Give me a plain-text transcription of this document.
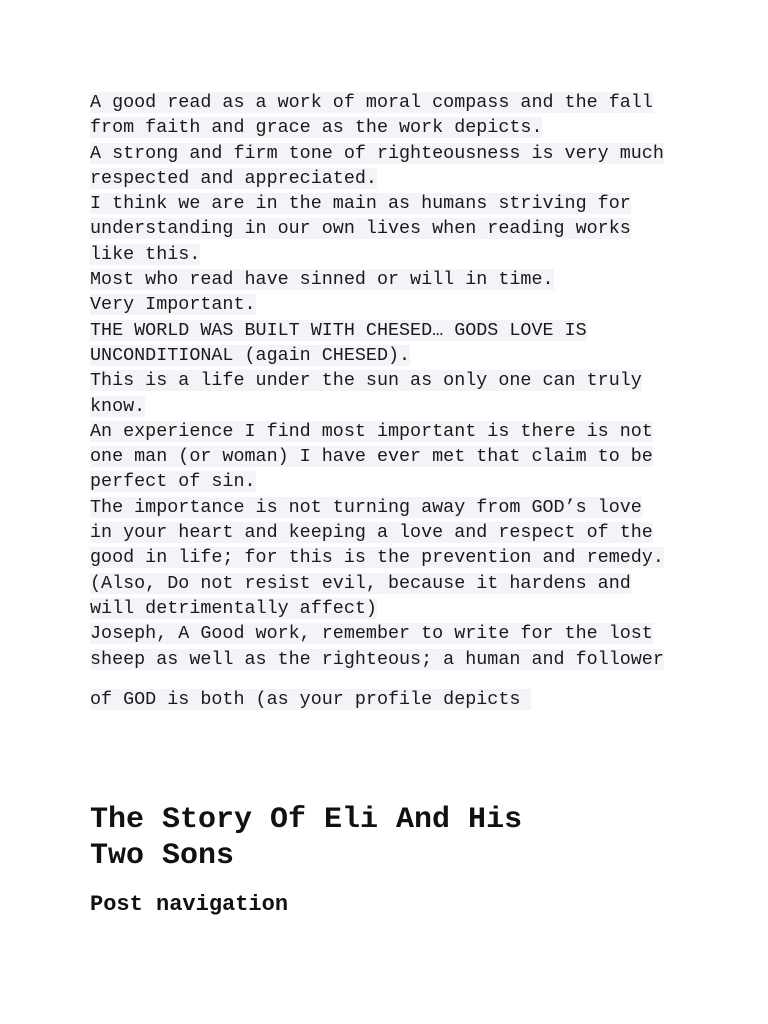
A good read as a work of moral compass and the fall
from faith and grace as the work depicts.
A strong and firm tone of righteousness is very much
respected and appreciated.
I think we are in the main as humans striving for
understanding in our own lives when reading works
like this.
Most who read have sinned or will in time.
Very Important.
THE WORLD WAS BUILT WITH CHESED… GODS LOVE IS
UNCONDITIONAL (again CHESED).
This is a life under the sun as only one can truly
know.
An experience I find most important is there is not
one man (or woman) I have ever met that claim to be
perfect of sin.
The importance is not turning away from GOD’s love
in your heart and keeping a love and respect of the
good in life; for this is the prevention and remedy.
(Also, Do not resist evil, because it hardens and
will detrimentally affect)
Joseph, A Good work, remember to write for the lost
sheep as well as the righteous; a human and follower
of GOD is both (as your profile depicts
The Story Of Eli And His
Two Sons
Post navigation
